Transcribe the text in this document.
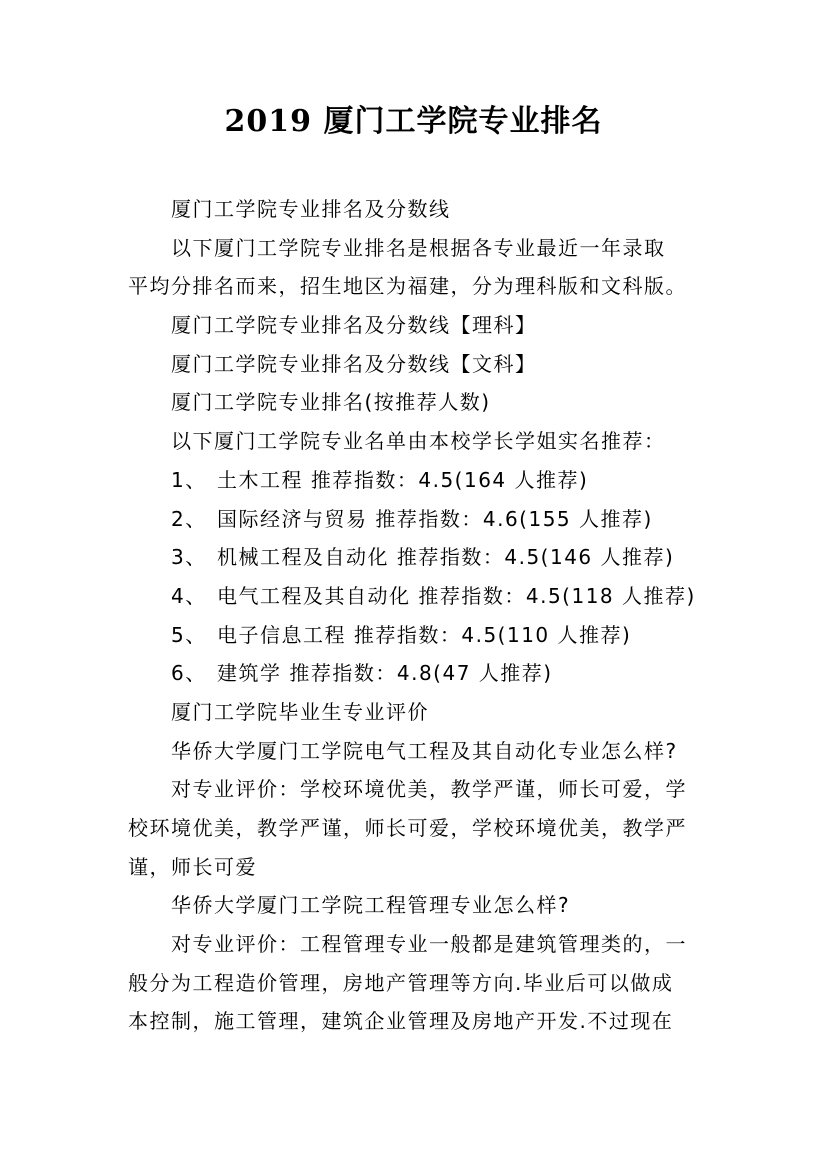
2019 厦门工学院专业排名
厦门工学院专业排名及分数线
以下厦门工学院专业排名是根据各专业最近一年录取
平均分排名而来，招生地区为福建，分为理科版和文科版。
厦门工学院专业排名及分数线【理科】
厦门工学院专业排名及分数线【文科】
厦门工学院专业排名(按推荐人数)
以下厦门工学院专业名单由本校学长学姐实名推荐：
1、 土木工程 推荐指数：4.5(164 人推荐)
2、 国际经济与贸易 推荐指数：4.6(155 人推荐)
3、 机械工程及自动化 推荐指数：4.5(146 人推荐)
4、 电气工程及其自动化 推荐指数：4.5(118 人推荐)
5、 电子信息工程 推荐指数：4.5(110 人推荐)
6、 建筑学 推荐指数：4.8(47 人推荐)
厦门工学院毕业生专业评价
华侨大学厦门工学院电气工程及其自动化专业怎么样?
对专业评价：学校环境优美，教学严谨，师长可爱，学
校环境优美，教学严谨，师长可爱，学校环境优美，教学严
谨，师长可爱
华侨大学厦门工学院工程管理专业怎么样?
对专业评价：工程管理专业一般都是建筑管理类的，一
般分为工程造价管理，房地产管理等方向.毕业后可以做成
本控制，施工管理，建筑企业管理及房地产开发.不过现在
